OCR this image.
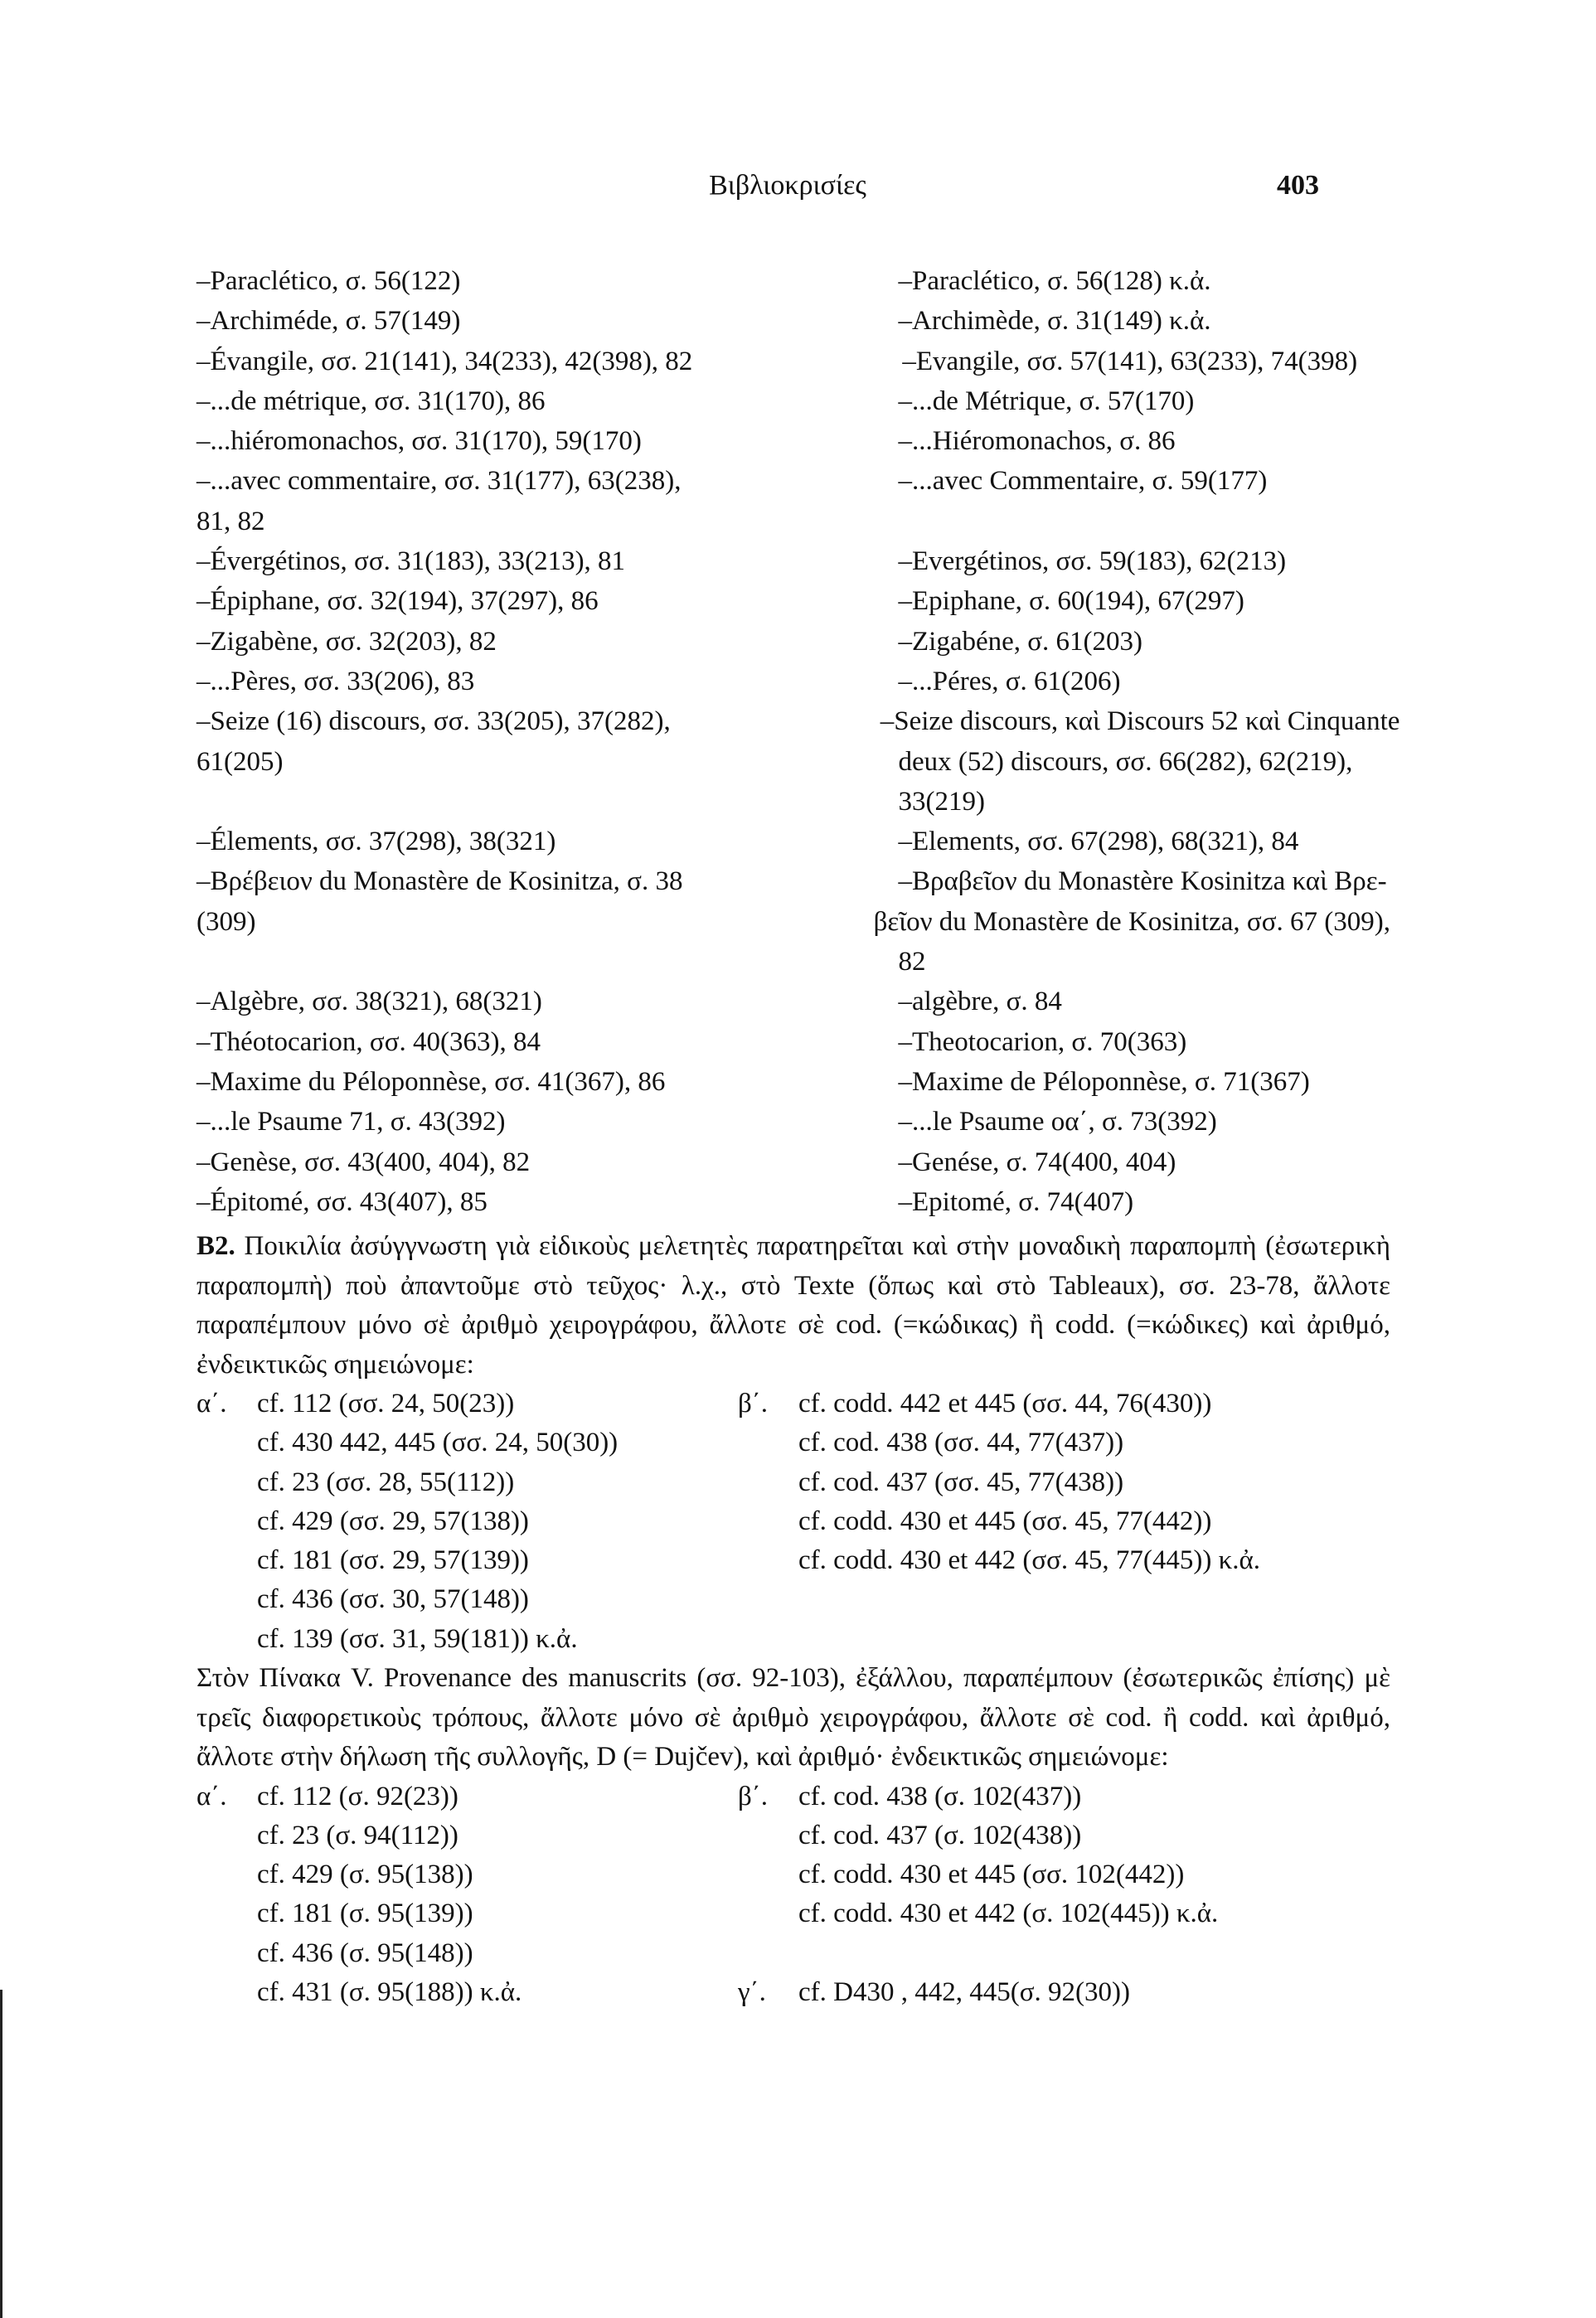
Βιβλιοκρισίες	403
–Paraclético, σ. 56(122)	–Paraclético, σ. 56(128) κ.ἀ.
–Archiméde, σ. 57(149)	–Archimède, σ. 31(149) κ.ἀ.
–Évangile, σσ. 21(141), 34(233), 42(398), 82	–Evangile, σσ. 57(141), 63(233), 74(398)
–...de métrique, σσ. 31(170), 86	–...de Métrique, σ. 57(170)
–...hiéromonachos, σσ. 31(170), 59(170)	–...Hiéromonachos, σ. 86
–...avec commentaire, σσ. 31(177), 63(238),	–...avec Commentaire, σ. 59(177)
81, 82
–Évergétinos, σσ. 31(183), 33(213), 81	–Evergétinos, σσ. 59(183), 62(213)
–Épiphane, σσ. 32(194), 37(297), 86	–Epiphane, σ. 60(194), 67(297)
–Zigabène, σσ. 32(203), 82	–Zigabéne, σ. 61(203)
–...Pères, σσ. 33(206), 83	–...Péres, σ. 61(206)
–Seize (16) discours, σσ. 33(205), 37(282),	–Seize discours, καὶ Discours 52 καὶ Cinquante
61(205)	deux (52) discours, σσ. 66(282), 62(219),
33(219)
–Élements, σσ. 37(298), 38(321)	–Elements, σσ. 67(298), 68(321), 84
–Βρέβειον du Monastère de Kosinitza, σ. 38	–Βραβεῖον du Monastère Kosinitza καὶ Βρε-
(309)	βεῖον du Monastère de Kosinitza, σσ. 67 (309),
82
–Algèbre, σσ. 38(321), 68(321)	–algèbre, σ. 84
–Théotocarion, σσ. 40(363), 84	–Theotocarion, σ. 70(363)
–Maxime du Péloponnèse, σσ. 41(367), 86	–Maxime de Péloponnèse, σ. 71(367)
–...le Psaume 71, σ. 43(392)	–...le Psaume οα΄, σ. 73(392)
–Genèse, σσ. 43(400, 404), 82	–Genése, σ. 74(400, 404)
–Épitomé, σσ. 43(407), 85	–Epitomé, σ. 74(407)
B2. Ποικιλία ἀσύγγνωστη γιὰ εἰδικοὺς μελετητὲς παρατηρεῖται καὶ στὴν μοναδικὴ παραπομπὴ (ἐσωτερικὴ παραπομπὴ) ποὺ ἀπαντοῦμε στὸ τεῦχος· λ.χ., στὸ Texte (ὅπως καὶ στὸ Tableaux), σσ. 23-78, ἄλλοτε παραπέμπουν μόνο σὲ ἀριθμὸ χειρογράφου, ἄλλοτε σὲ cod. (=κώδικας) ἢ codd. (=κώδικες) καὶ ἀριθμό, ἐνδεικτικῶς σημειώνομε:
α΄.	cf. 112 (σσ. 24, 50(23))	β΄.	cf. codd. 442 et 445 (σσ. 44, 76(430))
cf. 430 442, 445 (σσ. 24, 50(30))	cf. cod. 438 (σσ. 44, 77(437))
cf. 23 (σσ. 28, 55(112))	cf. cod. 437 (σσ. 45, 77(438))
cf. 429 (σσ. 29, 57(138))	cf. codd. 430 et 445 (σσ. 45, 77(442))
cf. 181 (σσ. 29, 57(139))	cf. codd. 430 et 442 (σσ. 45, 77(445)) κ.ἀ.
cf. 436 (σσ. 30, 57(148))
cf. 139 (σσ. 31, 59(181)) κ.ἀ.
Στὸν Πίνακα V. Provenance des manuscrits (σσ. 92-103), ἐξάλλου, παραπέμπουν (ἐσωτερικῶς ἐπίσης) μὲ τρεῖς διαφορετικοὺς τρόπους, ἄλλοτε μόνο σὲ ἀριθμὸ χειρογράφου, ἄλλοτε σὲ cod. ἢ codd. καὶ ἀριθμό, ἄλλοτε στὴν δήλωση τῆς συλλογῆς, D (= Dujčev), καὶ ἀριθμό· ἐνδεικτικῶς σημειώνομε:
α΄.	cf. 112 (σ. 92(23))	β΄.	cf. cod. 438 (σ. 102(437))
cf. 23 (σ. 94(112))	cf. cod. 437 (σ. 102(438))
cf. 429 (σ. 95(138))	cf. codd. 430 et 445 (σσ. 102(442))
cf. 181 (σ. 95(139))	cf. codd. 430 et 442 (σ. 102(445)) κ.ἀ.
cf. 436 (σ. 95(148))
cf. 431 (σ. 95(188)) κ.ἀ.	γ΄.	cf. D430 , 442, 445(σ. 92(30))
